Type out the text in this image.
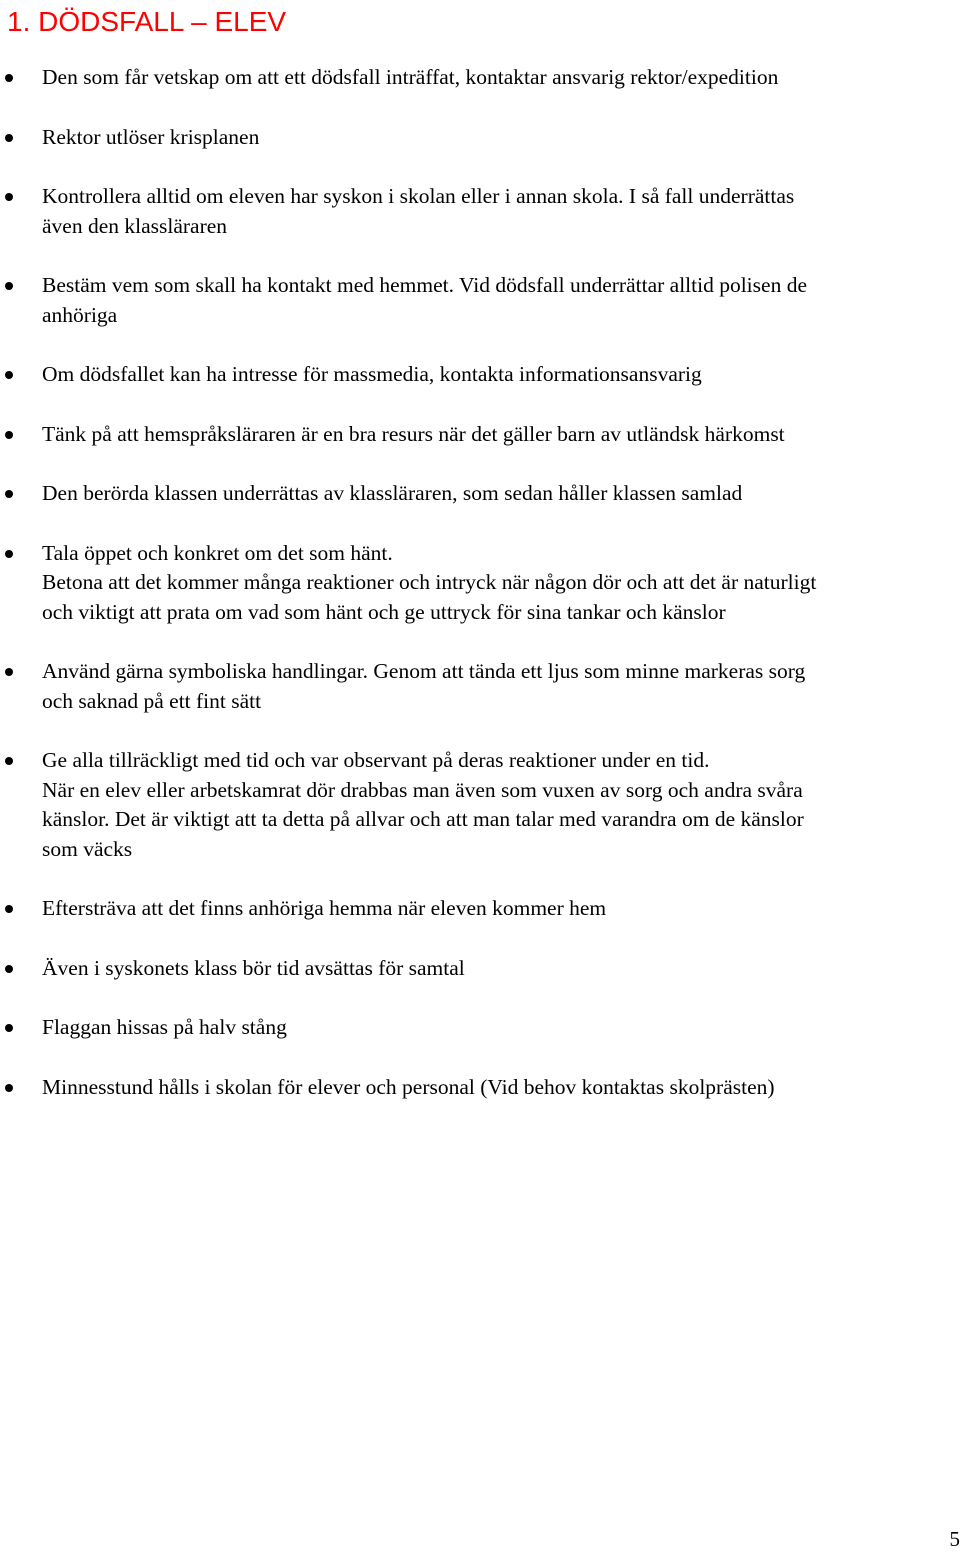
1. DÖDSFALL – ELEV
Den som får vetskap om att ett dödsfall inträffat, kontaktar ansvarig rektor/expedition
Rektor utlöser krisplanen
Kontrollera alltid om eleven har syskon i skolan eller i annan skola. I så fall underrättas
även den klassläraren
Bestäm vem som skall ha kontakt med hemmet. Vid dödsfall underrättar alltid polisen de
anhöriga
Om dödsfallet kan ha intresse för massmedia, kontakta informationsansvarig
Tänk på att hemspråksläraren är en bra resurs när det gäller barn av utländsk härkomst
Den berörda klassen underrättas av klassläraren, som sedan håller klassen samlad
Tala öppet och konkret om det som hänt.
Betona att det kommer många reaktioner och intryck när någon dör och att det är naturligt
och viktigt att prata om vad som hänt och ge uttryck för sina tankar och känslor
Använd gärna symboliska handlingar. Genom att tända ett ljus som minne markeras sorg
och saknad på ett fint sätt
Ge alla tillräckligt med tid och var observant på deras reaktioner under en tid.
När en elev eller arbetskamrat dör drabbas man även som vuxen av sorg och andra svåra
känslor. Det är viktigt att ta detta på allvar och att man talar med varandra om de känslor
som väcks
Eftersträva att det finns anhöriga hemma när eleven kommer hem
Även i syskonets klass bör tid avsättas för samtal
Flaggan hissas på halv stång
Minnesstund hålls i skolan för elever och personal (Vid behov kontaktas skolprästen)
5
